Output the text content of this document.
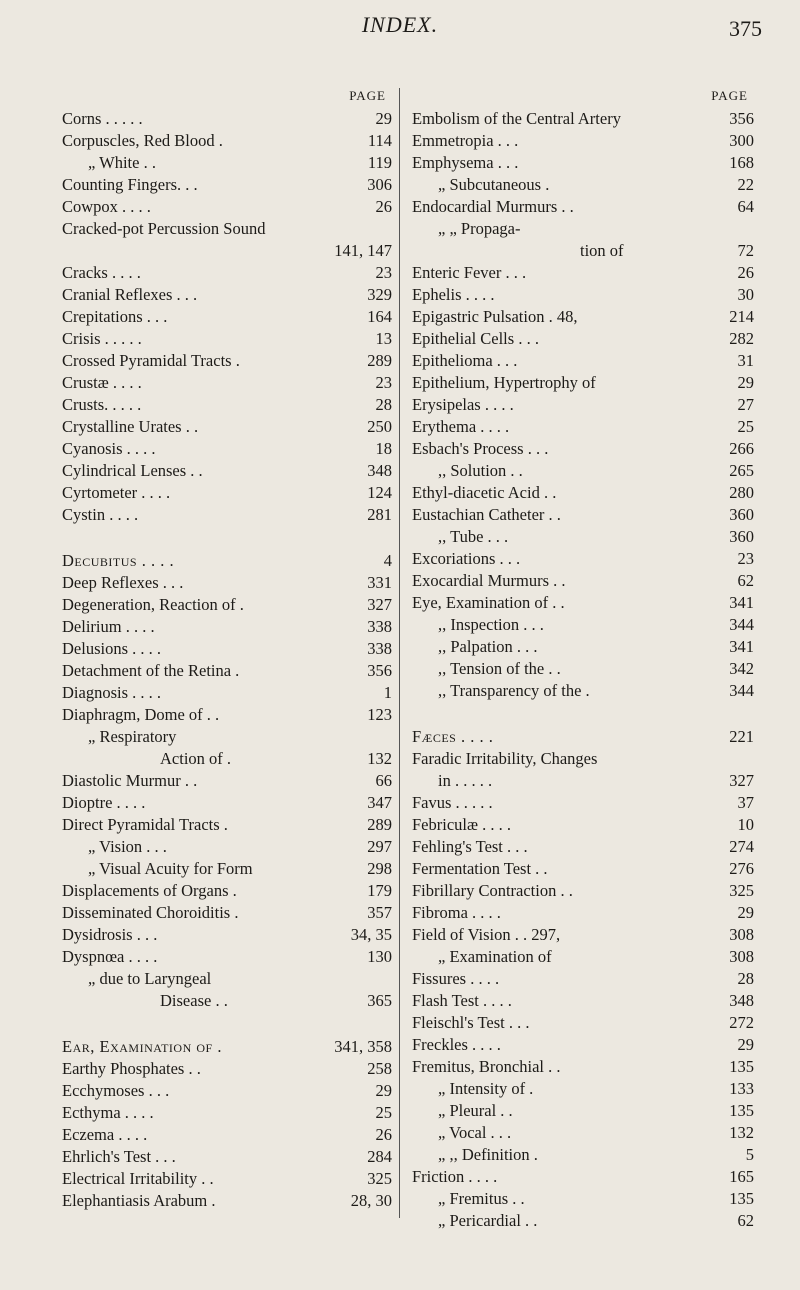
INDEX.	375
PAGE
Corns . . . . .	29
Corpuscles, Red Blood .	114
„ White . .	119
Counting Fingers. . .	306
Cowpox . . . .	26
Cracked-pot Percussion Sound
141, 147
Cracks . . . .	23
Cranial Reflexes . . .	329
Crepitations . . .	164
Crisis . . . . .	13
Crossed Pyramidal Tracts .	289
Crustæ . . . .	23
Crusts. . . . .	28
Crystalline Urates . .	250
Cyanosis . . . .	18
Cylindrical Lenses . .	348
Cyrtometer . . . .	124
Cystin . . . .	281
Decubitus . . . .	4
Deep Reflexes . . .	331
Degeneration, Reaction of .	327
Delirium . . . .	338
Delusions . . . .	338
Detachment of the Retina .	356
Diagnosis . . . .	1
Diaphragm, Dome of . .	123
„ Respiratory
Action of .	132
Diastolic Murmur . .	66
Dioptre . . . .	347
Direct Pyramidal Tracts .	289
„ Vision . . .	297
„ Visual Acuity for Form	298
Displacements of Organs .	179
Disseminated Choroiditis .	357
Dysidrosis . . .	34, 35
Dyspnœa . . . .	130
„ due to Laryngeal
Disease . .	365
Ear, Examination of .	341, 358
Earthy Phosphates . .	258
Ecchymoses . . .	29
Ecthyma . . . .	25
Eczema . . . .	26
Ehrlich's Test . . .	284
Electrical Irritability . .	325
Elephantiasis Arabum .	28, 30
PAGE
Embolism of the Central Artery	356
Emmetropia . . .	300
Emphysema . . .	168
„ Subcutaneous .	22
Endocardial Murmurs . .	64
„ „ Propaga-
tion of	72
Enteric Fever . . .	26
Ephelis . . . .	30
Epigastric Pulsation . 48,	214
Epithelial Cells . . .	282
Epithelioma . . .	31
Epithelium, Hypertrophy of	29
Erysipelas . . . .	27
Erythema . . . .	25
Esbach's Process . . .	266
,, Solution . .	265
Ethyl-diacetic Acid . .	280
Eustachian Catheter . .	360
,, Tube . . .	360
Excoriations . . .	23
Exocardial Murmurs . .	62
Eye, Examination of . .	341
,, Inspection . . .	344
,, Palpation . . .	341
,, Tension of the . .	342
,, Transparency of the .	344
Fæces . . . .	221
Faradic Irritability, Changes
in . . . . .	327
Favus . . . . .	37
Febriculæ . . . .	10
Fehling's Test . . .	274
Fermentation Test . .	276
Fibrillary Contraction . .	325
Fibroma . . . .	29
Field of Vision . . 297,	308
„ Examination of	308
Fissures . . . .	28
Flash Test . . . .	348
Fleischl's Test . . .	272
Freckles . . . .	29
Fremitus, Bronchial . .	135
„ Intensity of .	133
„ Pleural . .	135
„ Vocal . . .	132
„ ,, Definition .	5
Friction . . . .	165
„ Fremitus . .	135
„ Pericardial . .	62
